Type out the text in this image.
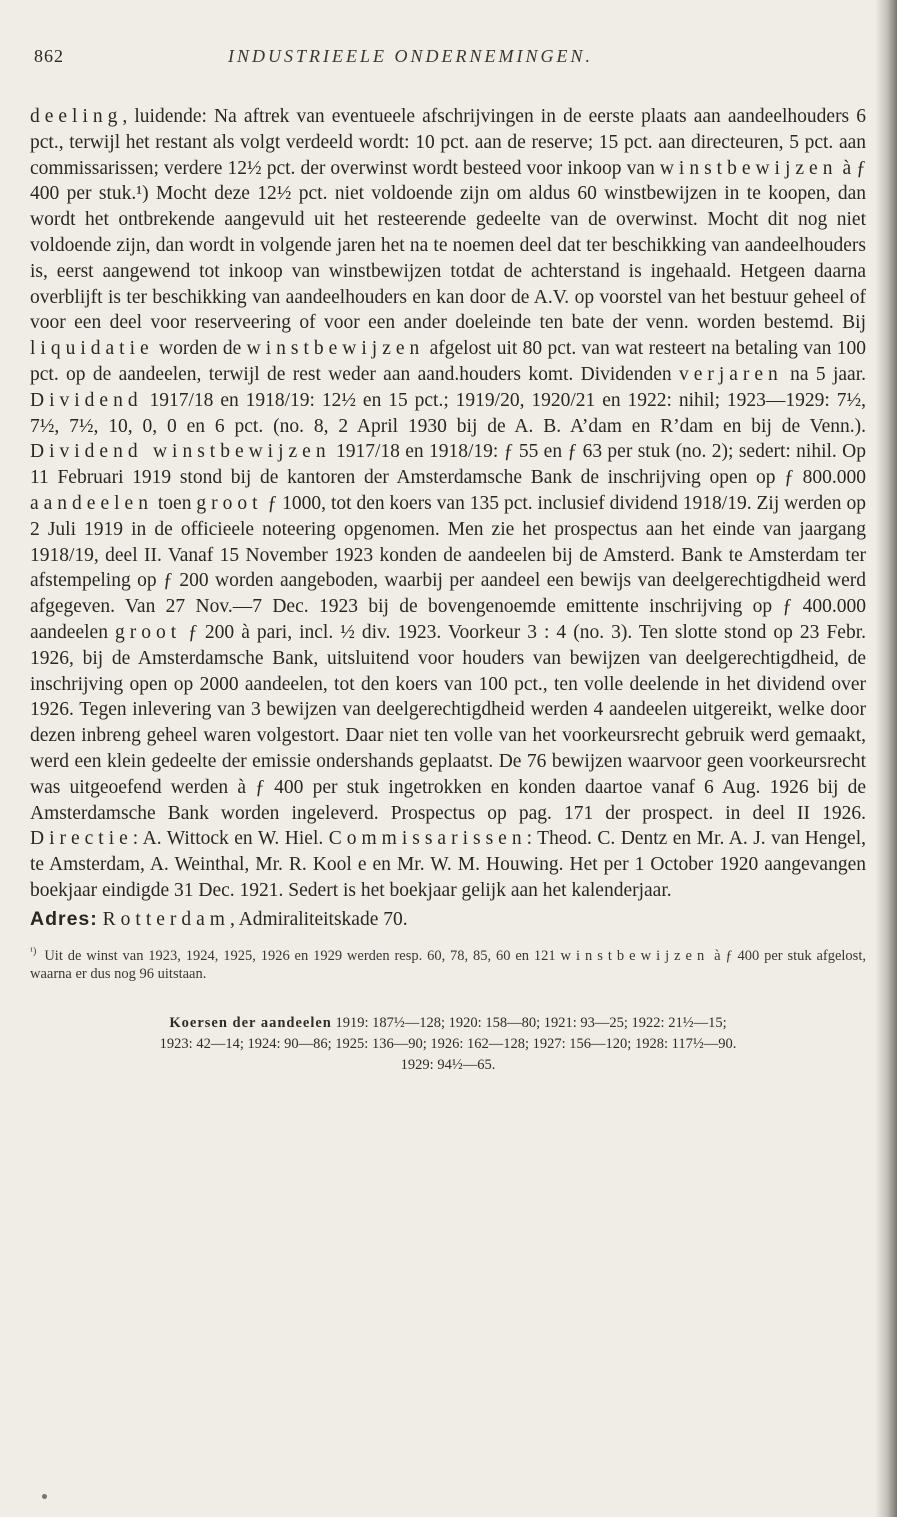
862	INDUSTRIEELE ONDERNEMINGEN.

deeling, luidende: Na aftrek van eventueele afschrijvingen in de eerste plaats aan aandeelhouders 6 pct., terwijl het restant als volgt verdeeld wordt: 10 pct. aan de reserve; 15 pct. aan directeuren, 5 pct. aan commissarissen; verdere 12½ pct. der overwinst wordt besteed voor inkoop van winstbewijzen à ƒ 400 per stuk.¹) Mocht deze 12½ pct. niet voldoende zijn om aldus 60 winstbewijzen in te koopen, dan wordt het ontbrekende aangevuld uit het resteerende gedeelte van de overwinst. Mocht dit nog niet voldoende zijn, dan wordt in volgende jaren het na te noemen deel dat ter beschikking van aandeelhouders is, eerst aangewend tot inkoop van winstbewijzen totdat de achterstand is ingehaald. Hetgeen daarna overblijft is ter beschikking van aandeelhouders en kan door de A.V. op voorstel van het bestuur geheel of voor een deel voor reserveering of voor een ander doeleinde ten bate der venn. worden bestemd. Bij liquidatie worden de winstbewijzen afgelost uit 80 pct. van wat resteert na betaling van 100 pct. op de aandeelen, terwijl de rest weder aan aand.houders komt. Dividenden verjaren na 5 jaar. Dividend 1917/18 en 1918/19: 12½ en 15 pct.; 1919/20, 1920/21 en 1922: nihil; 1923—1929: 7½, 7½, 7½, 10, 0, 0 en 6 pct. (no. 8, 2 April 1930 bij de A. B. A’dam en R’dam en bij de Venn.). Dividend winstbewijzen 1917/18 en 1918/19: ƒ 55 en ƒ 63 per stuk (no. 2); sedert: nihil. Op 11 Februari 1919 stond bij de kantoren der Amsterdamsche Bank de inschrijving open op ƒ 800.000 aandeelen toen groot ƒ 1000, tot den koers van 135 pct. inclusief dividend 1918/19. Zij werden op 2 Juli 1919 in de officieele noteering opgenomen. Men zie het prospectus aan het einde van jaargang 1918/19, deel II. Vanaf 15 November 1923 konden de aandeelen bij de Amsterd. Bank te Amsterdam ter afstempeling op ƒ 200 worden aangeboden, waarbij per aandeel een bewijs van deelgerechtigdheid werd afgegeven. Van 27 Nov.—7 Dec. 1923 bij de bovengenoemde emittente inschrijving op ƒ 400.000 aandeelen groot ƒ 200 à pari, incl. ½ div. 1923. Voorkeur 3 : 4 (no. 3). Ten slotte stond op 23 Febr. 1926, bij de Amsterdamsche Bank, uitsluitend voor houders van bewijzen van deelgerechtigdheid, de inschrijving open op 2000 aandeelen, tot den koers van 100 pct., ten volle deelende in het dividend over 1926. Tegen inlevering van 3 bewijzen van deelgerechtigdheid werden 4 aandeelen uitgereikt, welke door dezen inbreng geheel waren volgestort. Daar niet ten volle van het voorkeursrecht gebruik werd gemaakt, werd een klein gedeelte der emissie ondershands geplaatst. De 76 bewijzen waarvoor geen voorkeursrecht was uitgeoefend werden à ƒ 400 per stuk ingetrokken en konden daartoe vanaf 6 Aug. 1926 bij de Amsterdamsche Bank worden ingeleverd. Prospectus op pag. 171 der prospect. in deel II 1926. Directie: A. Wittock en W. Hiel. Commissarissen: Theod. C. Dentz en Mr. A. J. van Hengel, te Amsterdam, A. Weinthal, Mr. R. Kool e en Mr. W. M. Houwing. Het per 1 October 1920 aangevangen boekjaar eindigde 31 Dec. 1921. Sedert is het boekjaar gelijk aan het kalenderjaar.

Adres: Rotterdam, Admiraliteitskade 70.
$^{^1)}$ Uit de winst van 1923, 1924, 1925, 1926 en 1929 werden resp. 60, 78, 85, 60 en 121 winstbewijzen à ƒ 400 per stuk afgelost, waarna er dus nog 96 uitstaan.
Koersen der aandeelen 1919: 187½—128; 1920: 158—80; 1921: 93—25; 1922: 21½—15;
1923: 42—14; 1924: 90—86; 1925: 136—90; 1926: 162—128; 1927: 156—120; 1928: 117½—90.
1929: 94½—65.
